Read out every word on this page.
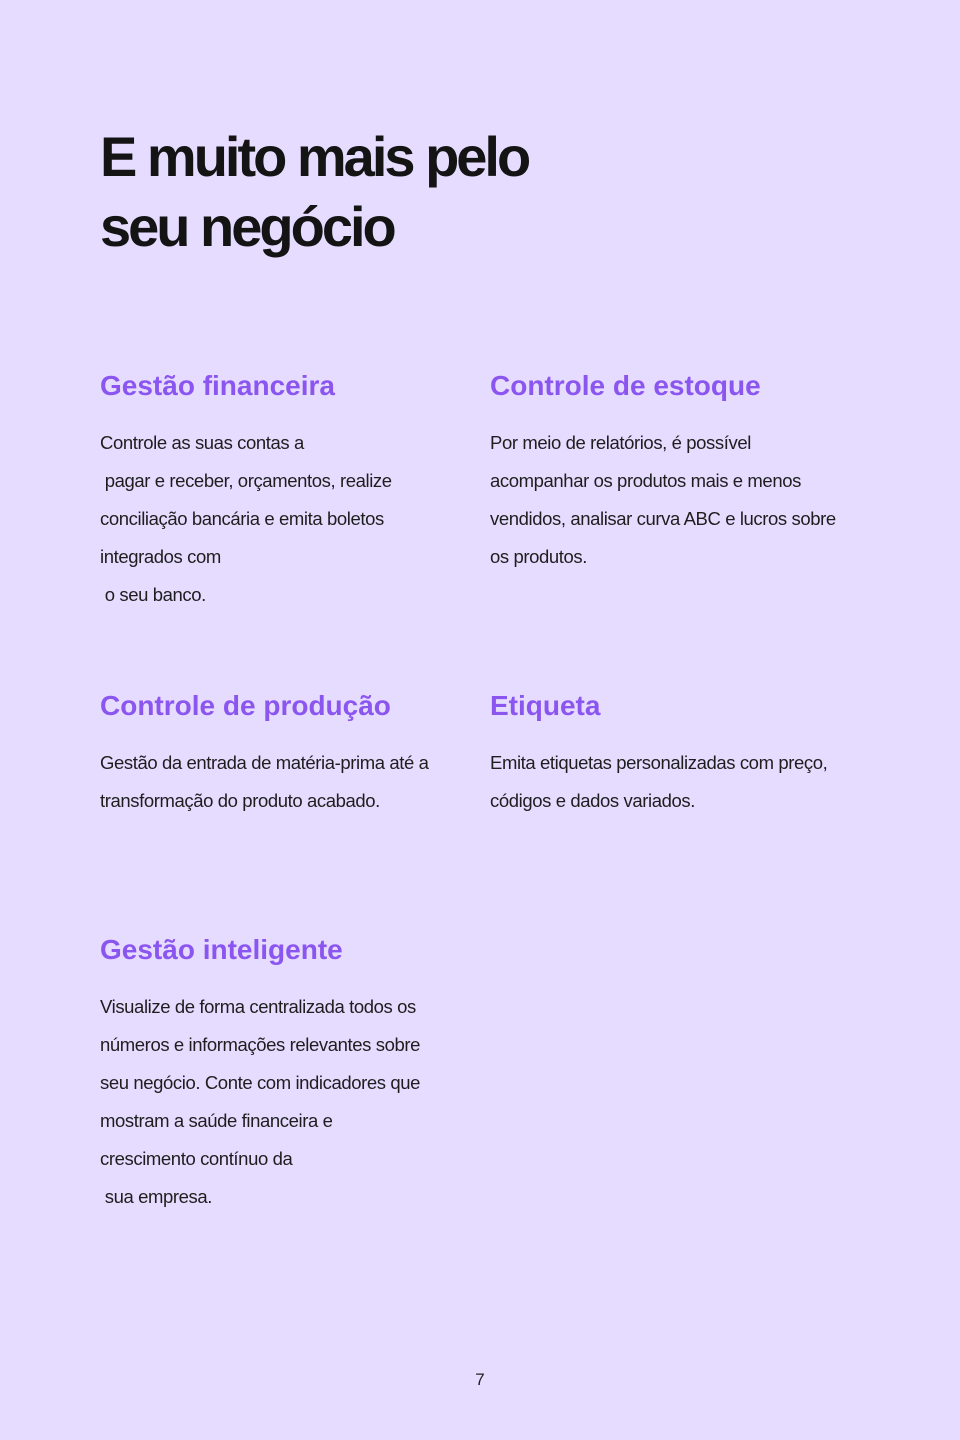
E muito mais pelo
seu negócio
Gestão financeira

Controle as suas contas a
pagar e receber, orçamentos, realize
conciliação bancária e emita boletos
integrados com
o seu banco.

Controle de estoque

Por meio de relatórios, é possível
acompanhar os produtos mais e menos
vendidos, analisar curva ABC e lucros sobre
os produtos.

Controle de produção

Gestão da entrada de matéria-prima até a
transformação do produto acabado.

Etiqueta

Emita etiquetas personalizadas com preço,
códigos e dados variados.

Gestão inteligente

Visualize de forma centralizada todos os
números e informações relevantes sobre
seu negócio. Conte com indicadores que
mostram a saúde financeira e
crescimento contínuo da
sua empresa.

7
